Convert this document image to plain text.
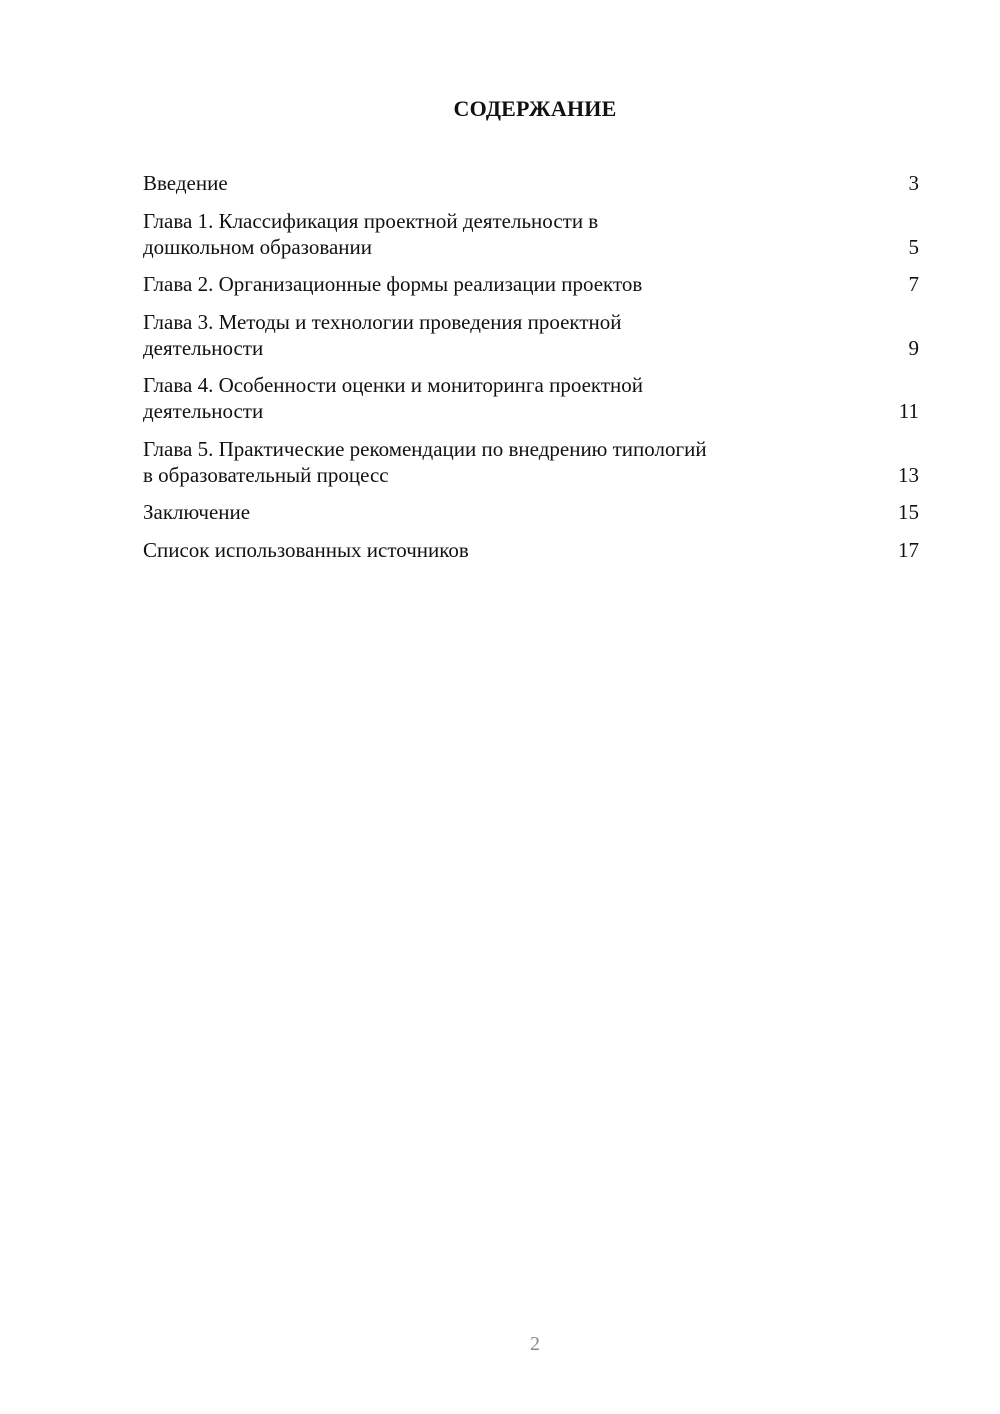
СОДЕРЖАНИЕ
Введение	3
Глава 1. Классификация проектной деятельности в
дошкольном образовании	5
Глава 2. Организационные формы реализации проектов	7
Глава 3. Методы и технологии проведения проектной
деятельности	9
Глава 4. Особенности оценки и мониторинга проектной
деятельности	11
Глава 5. Практические рекомендации по внедрению типологий
в образовательный процесс	13
Заключение	15
Список использованных источников	17
2
